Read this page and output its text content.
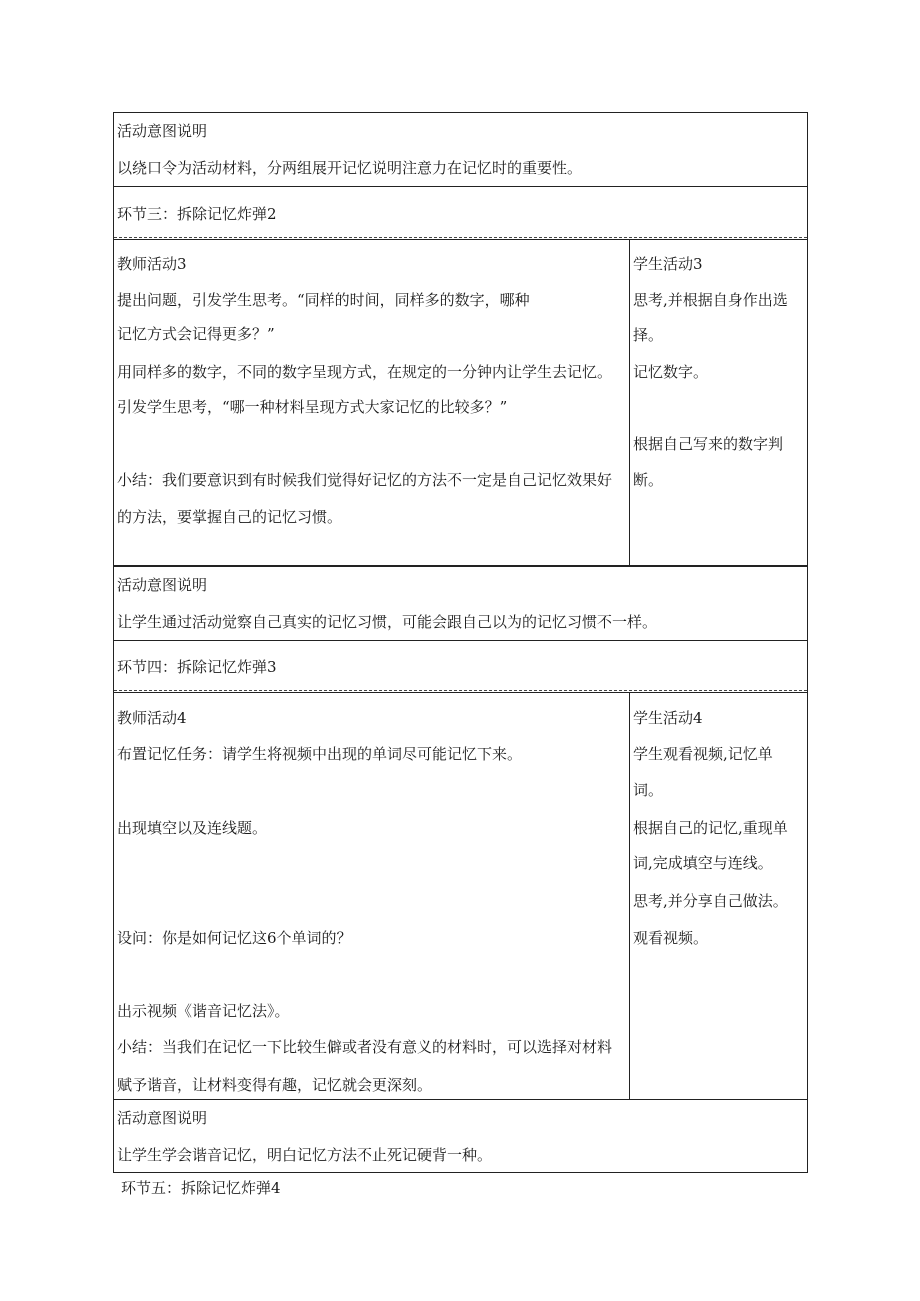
活动意图说明
以绕口令为活动材料，分两组展开记忆说明注意力在记忆时的重要性。
环节三：拆除记忆炸弹2
教师活动3
提出问题，引发学生思考。“同样的时间，同样多的数字，哪种
记忆方式会记得更多？”
用同样多的数字，不同的数字呈现方式，在规定的一分钟内让学生去记忆。
引发学生思考，“哪一种材料呈现方式大家记忆的比较多？”
小结：我们要意识到有时候我们觉得好记忆的方法不一定是自己记忆效果好
的方法，要掌握自己的记忆习惯。
学生活动3
思考,并根据自身作出选
择。
记忆数字。
根据自己写来的数字判
断。
活动意图说明
让学生通过活动觉察自己真实的记忆习惯，可能会跟自己以为的记忆习惯不一样。
环节四：拆除记忆炸弹3
教师活动4
布置记忆任务：请学生将视频中出现的单词尽可能记忆下来。
出现填空以及连线题。
设问：你是如何记忆这6个单词的？
出示视频《谐音记忆法》。
小结：当我们在记忆一下比较生僻或者没有意义的材料时，可以选择对材料
赋予谐音，让材料变得有趣，记忆就会更深刻。
学生活动4
学生观看视频,记忆单
词。
根据自己的记忆,重现单
词,完成填空与连线。
思考,并分享自己做法。
观看视频。
活动意图说明
让学生学会谐音记忆，明白记忆方法不止死记硬背一种。
环节五：拆除记忆炸弹4
